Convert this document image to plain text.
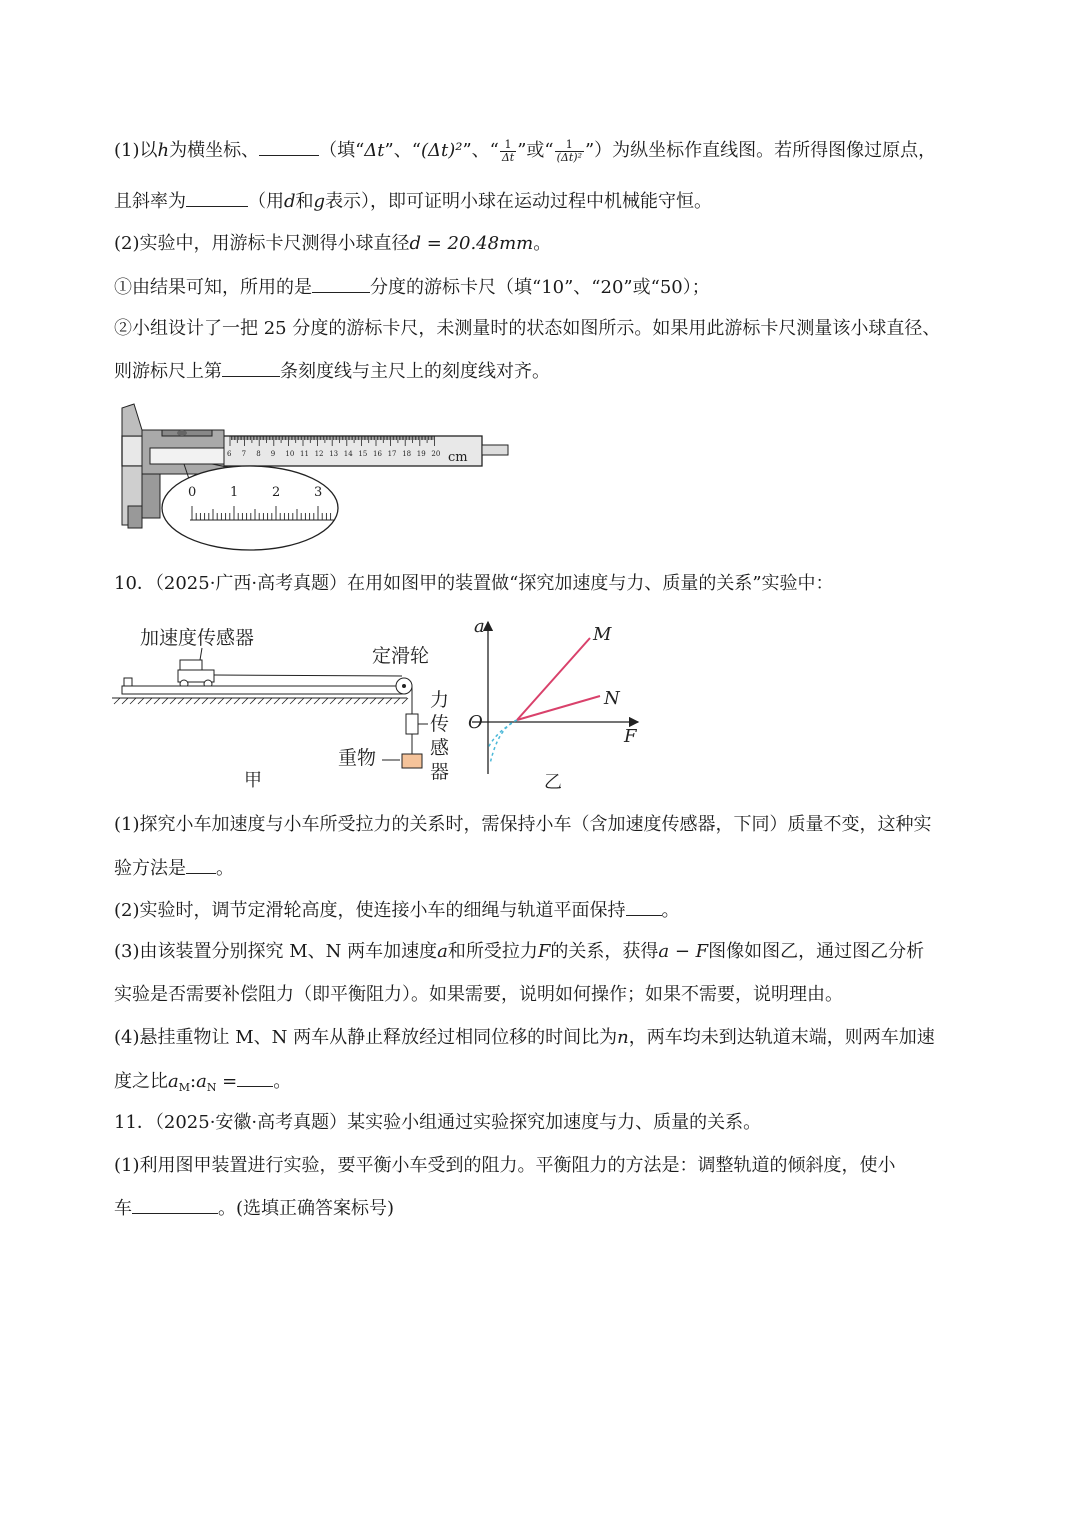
(1)以h为横坐标、	（填“Δt”、“(Δt)²”、“ $\frac{1}{\Delta t}$ ”或“ $\frac{1}{\text{(Δt)²}}$ ”）为纵坐标作直线图。若所得图像过原点，
且斜率为	（用d和g表示），即可证明小球在运动过程中机械能守恒。
(2)实验中，用游标卡尺测得小球直径d = 20.48mm。
①由结果可知，所用的是	分度的游标卡尺（填“10”、“20”或“50）；
②小组设计了一把 25 分度的游标卡尺，未测量时的状态如图所示。如果用此游标卡尺测量该小球直径、
则游标尺上第	条刻度线与主尺上的刻度线对齐。
6 7 8 9 10 11 12 13 14 15 16 17 18 19 20 cm
0	1	2	3
10．（2025·广西·高考真题）在用如图甲的装置做“探究加速度与力、质量的关系”实验中：
加速度传感器
定滑轮
力
传
感
器
重物
甲
a
F
O
M
N
乙
(1)探究小车加速度与小车所受拉力的关系时，需保持小车（含加速度传感器，下同）质量不变，这种实
验方法是 。
(2)实验时，调节定滑轮高度，使连接小车的细绳与轨道平面保持 。
(3)由该装置分别探究 M、N 两车加速度a和所受拉力F的关系，获得a − F图像如图乙，通过图乙分析
实验是否需要补偿阻力（即平衡阻力）。如果需要，说明如何操作；如果不需要，说明理由。
(4)悬挂重物让 M、N 两车从静止释放经过相同位移的时间比为n，两车均未到达轨道末端，则两车加速
度之比$a_M:a_N$ = 。
11．（2025·安徽·高考真题）某实验小组通过实验探究加速度与力、质量的关系。
(1)利用图甲装置进行实验，要平衡小车受到的阻力。平衡阻力的方法是：调整轨道的倾斜度，使小
车	。(选填正确答案标号)
